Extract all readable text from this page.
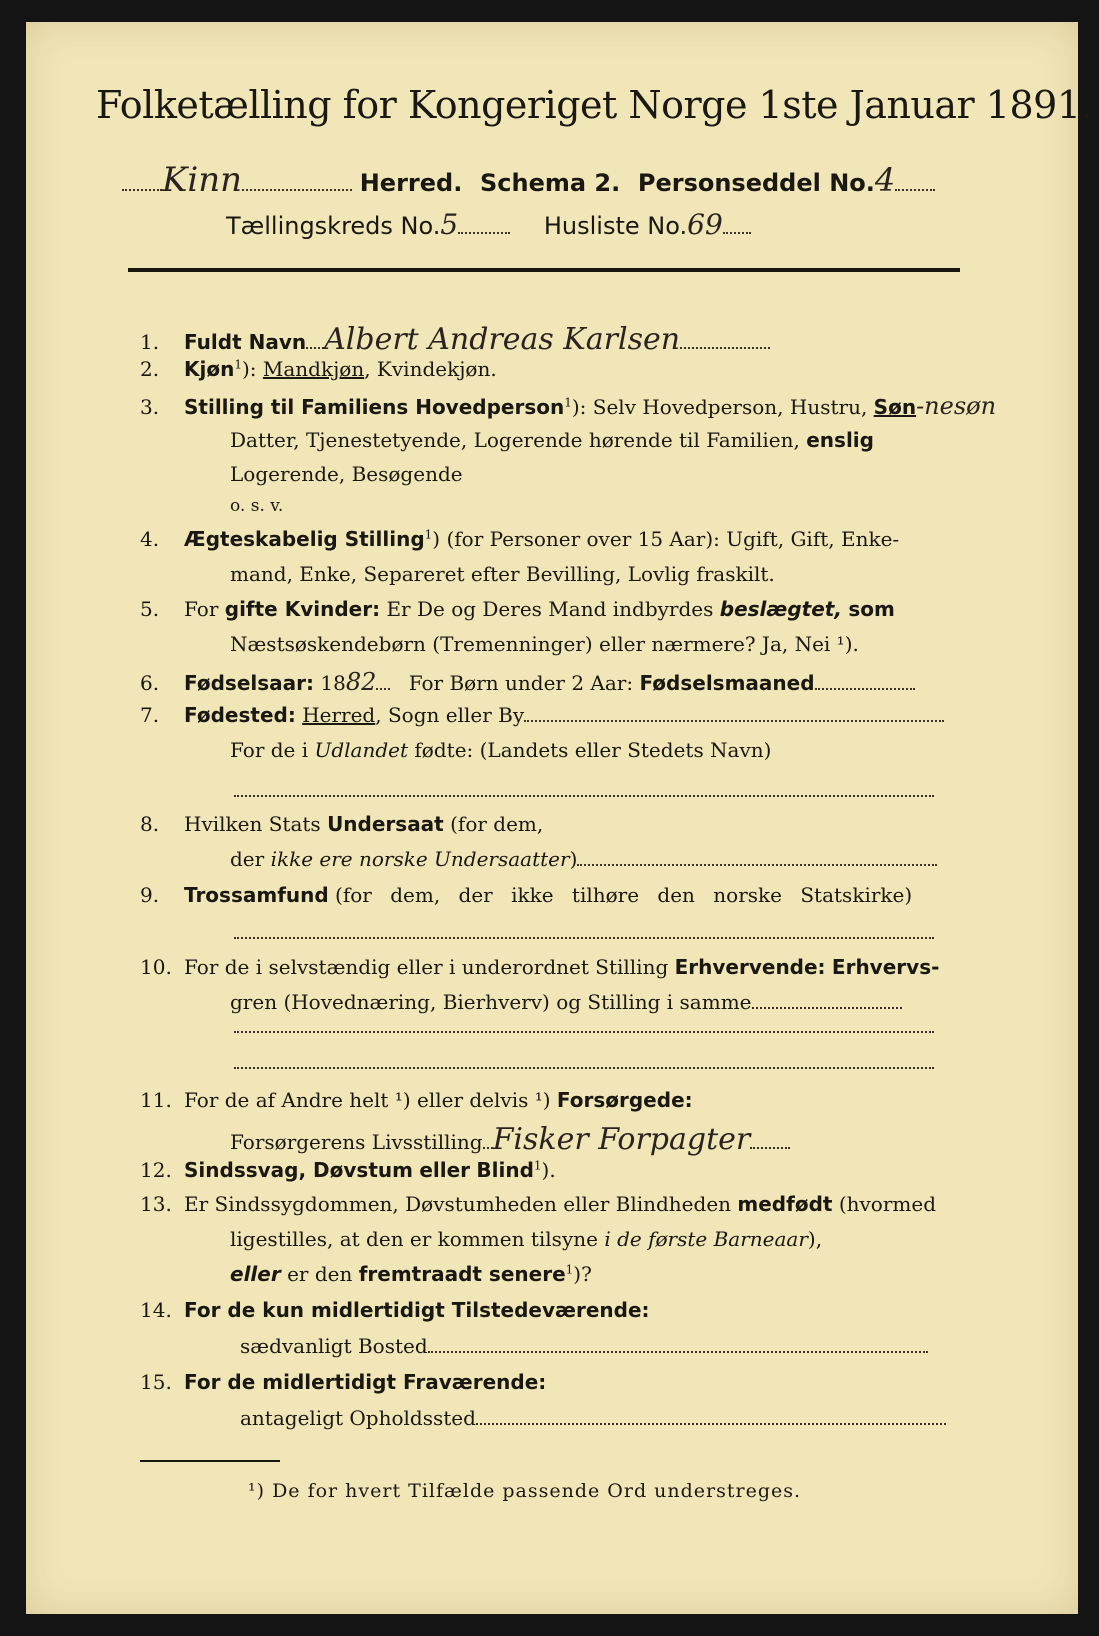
Folketælling for Kongeriget Norge 1ste Januar 1891.
Kinn	Herred. Schema 2. Personseddel No.4
Tællingskreds No.5	Husliste No.69
1. Fuldt Navn Albert Andreas Karlsen
2. Kjøn$^1$): Mandkjøn, Kvindekjøn.
3. Stilling til Familiens Hovedperson$^1$): Selv Hovedperson, Hustru, Søn-nesøn
Datter, Tjenestetyende, Logerende hørende til Familien, enslig
Logerende, Besøgende
o. s. v.
4. Ægteskabelig Stilling$^1$) (for Personer over 15 Aar): Ugift, Gift, Enke-
mand, Enke, Separeret efter Bevilling, Lovlig fraskilt.
5. For gifte Kvinder: Er De og Deres Mand indbyrdes beslægtet, som
Næstsøskendebørn (Tremenninger) eller nærmere? Ja, Nei ¹).
6. Fødselsaar: 1882 For Børn under 2 Aar: Fødselsmaaned
7. Fødested: Herred, Sogn eller By
For de i Udlandet fødte: (Landets eller Stedets Navn)
8. Hvilken Stats Undersaat (for dem,
der ikke ere norske Undersaatter)
9. Trossamfund (for dem, der ikke tilhøre den norske Statskirke)
10. For de i selvstændig eller i underordnet Stilling Erhvervende: Erhvervs-
gren (Hovednæring, Bierhverv) og Stilling i samme
11. For de af Andre helt ¹) eller delvis ¹) Forsørgede:
Forsørgerens Livsstilling Fisker Forpagter
12. Sindssvag, Døvstum eller Blind$^1$).
13. Er Sindssygdommen, Døvstumheden eller Blindheden medfødt (hvormed
ligestilles, at den er kommen tilsyne i de første Barneaar),
eller er den fremtraadt senere$^1$)?
14. For de kun midlertidigt Tilstedeværende:
sædvanligt Bosted
15. For de midlertidigt Fraværende:
antageligt Opholdssted
¹) De for hvert Tilfælde passende Ord understreges.
